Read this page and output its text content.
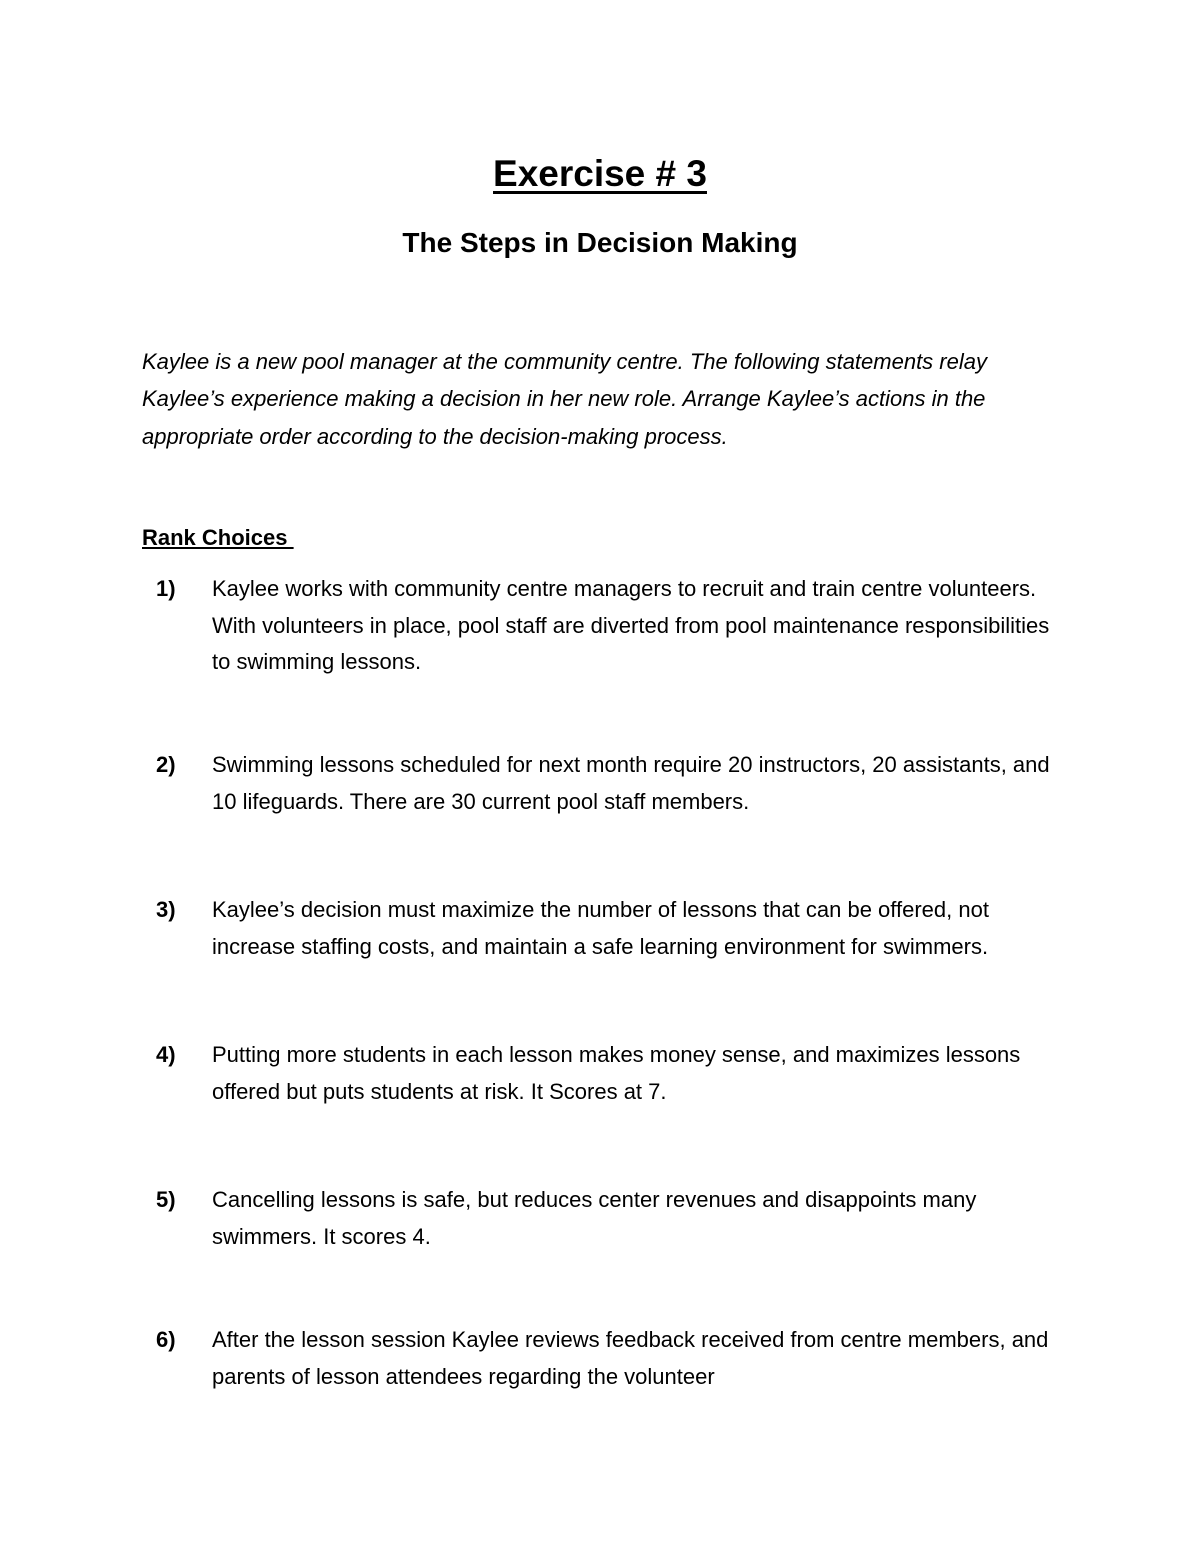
Exercise # 3
The Steps in Decision Making

Kaylee is a new pool manager at the community centre. The following statements relay Kaylee’s experience making a decision in her new role. Arrange Kaylee’s actions in the appropriate order according to the decision-making process.

Rank Choices
1) Kaylee works with community centre managers to recruit and train centre volunteers. With volunteers in place, pool staff are diverted from pool maintenance responsibilities to swimming lessons.
2) Swimming lessons scheduled for next month require 20 instructors, 20 assistants, and 10 lifeguards. There are 30 current pool staff members.
3) Kaylee’s decision must maximize the number of lessons that can be offered, not increase staffing costs, and maintain a safe learning environment for swimmers.
4) Putting more students in each lesson makes money sense, and maximizes lessons offered but puts students at risk. It Scores at 7.
5) Cancelling lessons is safe, but reduces center revenues and disappoints many swimmers. It scores 4.
6) After the lesson session Kaylee reviews feedback received from centre members, and parents of lesson attendees regarding the volunteer
